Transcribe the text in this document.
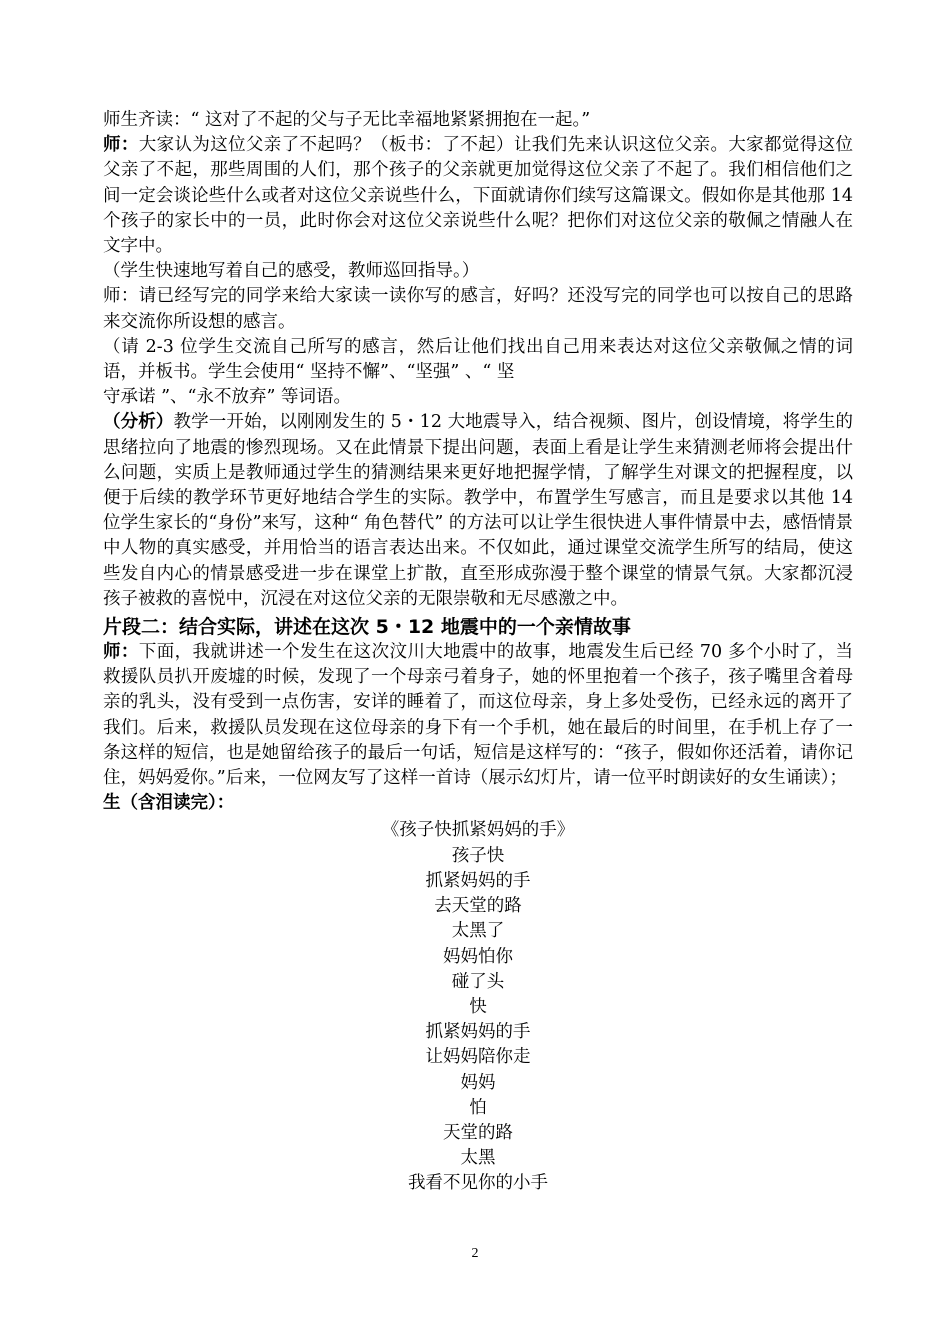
师生齐读：“ 这对了不起的父与子无比幸福地紧紧拥抱在一起。”

师：大家认为这位父亲了不起吗？（板书：了不起）让我们先来认识这位父亲。大家都觉得这位父亲了不起，那些周围的人们，那个孩子的父亲就更加觉得这位父亲了不起了。我们相信他们之间一定会谈论些什么或者对这位父亲说些什么，下面就请你们续写这篇课文。假如你是其他那 14 个孩子的家长中的一员，此时你会对这位父亲说些什么呢？把你们对这位父亲的敬佩之情融人在文字中。

（学生快速地写着自己的感受，教师巡回指导。）

师：请已经写完的同学来给大家读一读你写的感言，好吗？还没写完的同学也可以按自己的思路来交流你所设想的感言。

（请 2-3 位学生交流自己所写的感言，然后让他们找出自己用来表达对这位父亲敬佩之情的词语，并板书。学生会使用“ 坚持不懈”、“坚强” 、“ 坚

守承诺 ”、“永不放弃” 等词语。

（分析）教学一开始，以刚刚发生的 5・12 大地震导入，结合视频、图片，创设情境，将学生的思绪拉向了地震的惨烈现场。又在此情景下提出问题，表面上看是让学生来猜测老师将会提出什么问题，实质上是教师通过学生的猜测结果来更好地把握学情，了解学生对课文的把握程度，以便于后续的教学环节更好地结合学生的实际。教学中，布置学生写感言，而且是要求以其他 14 位学生家长的“身份”来写，这种“ 角色替代” 的方法可以让学生很快进人事件情景中去，感悟情景中人物的真实感受，并用恰当的语言表达出来。不仅如此，通过课堂交流学生所写的结局，使这些发自内心的情景感受进一步在课堂上扩散，直至形成弥漫于整个课堂的情景气氛。大家都沉浸孩子被救的喜悦中，沉浸在对这位父亲的无限崇敬和无尽感激之中。

片段二：结合实际，讲述在这次 5・12 地震中的一个亲情故事

师：下面，我就讲述一个发生在这次汶川大地震中的故事，地震发生后已经 70 多个小时了，当救援队员扒开废墟的时候，发现了一个母亲弓着身子，她的怀里抱着一个孩子，孩子嘴里含着母亲的乳头，没有受到一点伤害，安详的睡着了，而这位母亲，身上多处受伤，已经永远的离开了我们。后来，救援队员发现在这位母亲的身下有一个手机，她在最后的时间里，在手机上存了一条这样的短信，也是她留给孩子的最后一句话，短信是这样写的：“孩子，假如你还活着，请你记住，妈妈爱你。”后来，一位网友写了这样一首诗（展示幻灯片，请一位平时朗读好的女生诵读）；

生（含泪读完）：

《孩子快抓紧妈妈的手》
孩子快
抓紧妈妈的手
去天堂的路
太黑了
妈妈怕你
碰了头
快
抓紧妈妈的手
让妈妈陪你走
妈妈
怕
天堂的路
太黑
我看不见你的小手
2
